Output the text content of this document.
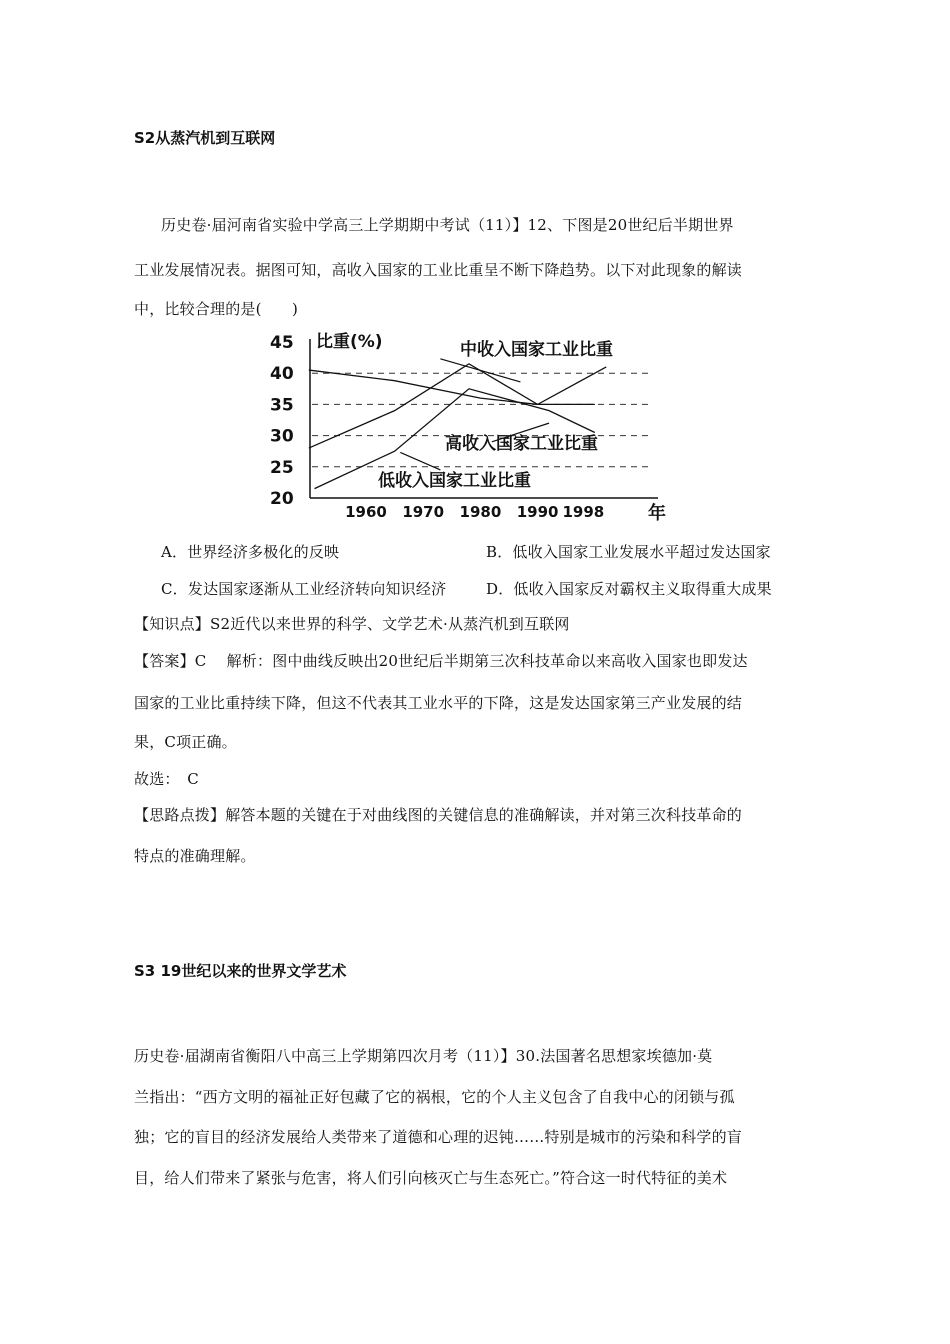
S2从蒸汽机到互联网
历史卷·届河南省实验中学高三上学期期中考试（11）】12、下图是20世纪后半期世界
工业发展情况表。据图可知，高收入国家的工业比重呈不断下降趋势。以下对此现象的解读
中，比较合理的是(　　)
比重(%)
45
40
35
30
25
20
1960 1970 1980 1990 1998 年
中收入国家工业比重
高收入国家工业比重
低收入国家工业比重
A．世界经济多极化的反映	B．低收入国家工业发展水平超过发达国家
C．发达国家逐渐从工业经济转向知识经济	D．低收入国家反对霸权主义取得重大成果
【知识点】S2近代以来世界的科学、文学艺术·从蒸汽机到互联网
【答案】C　 解析：图中曲线反映出20世纪后半期第三次科技革命以来高收入国家也即发达
国家的工业比重持续下降，但这不代表其工业水平的下降，这是发达国家第三产业发展的结
果，C项正确。
故选：　C
【思路点拨】解答本题的关键在于对曲线图的关键信息的准确解读，并对第三次科技革命的
特点的准确理解。
S3 19世纪以来的世界文学艺术
历史卷·届湖南省衡阳八中高三上学期第四次月考（11）】30.法国著名思想家埃德加·莫
兰指出：“西方文明的福祉正好包藏了它的祸根，它的个人主义包含了自我中心的闭锁与孤
独；它的盲目的经济发展给人类带来了道德和心理的迟钝……特别是城市的污染和科学的盲
目，给人们带来了紧张与危害，将人们引向核灭亡与生态死亡。”符合这一时代特征的美术
